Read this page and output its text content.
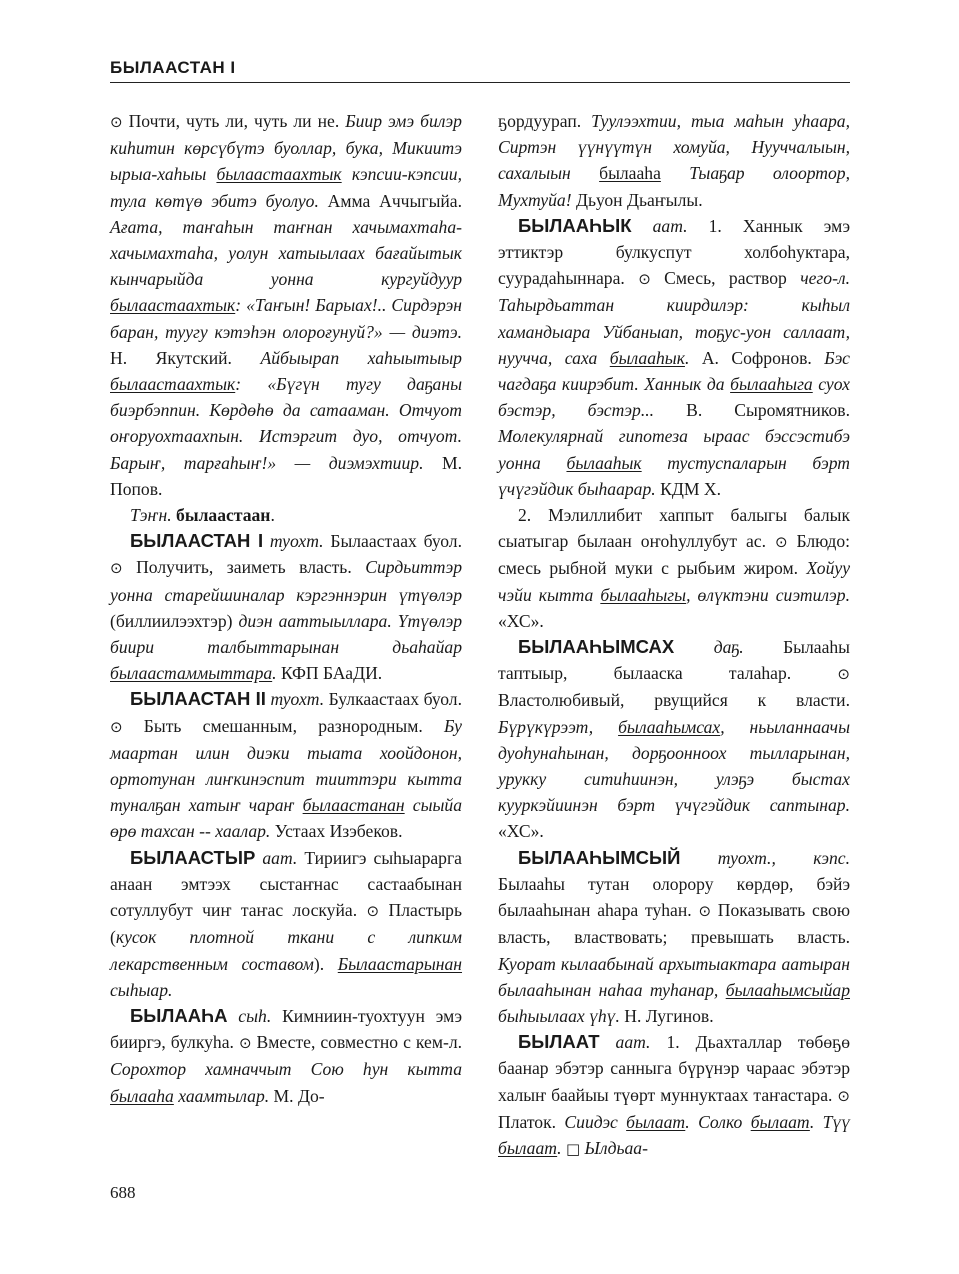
БЫЛААСТАН I

⊙ Почти, чуть ли, чуть ли не. Биир эмэ билэр киһитин көрсүбүтэ буоллар, бука, Микиитэ ырыа-хаһыы былаастаахтык кэпсии-кэпсии, тула көтүө эбитэ буолуо. Амма Аччыгыйа. Ағата, таҥаһын таҥнан хачымахтаһа-хачымахтаһа, уолун хатыылаах бағайытык кынчарыйда уонна кургуйдуур былаастаахтык: «Таҥын! Барыах!.. Сирдэрэн баран, туугу кэтэһэн олороғунуй?» — диэтэ. Н. Якутский. Айбыырап хаһыытыыр былаастаахтык: «Бүгүн тугу даҕаны биэрбэппин. Көрдөһө да сатааман. Отчуот оҥоруохтаахпын. Истэргит дуо, отчуот. Барыҥ, тарғаһыҥ!» — диэмэхтиир. М. Попов.

Тэҥн. былаастаан.

БЫЛААСТАН I туохт. Былаастаах буол. ⊙ Получить, заиметь власть. Сирдьиттэр уонна старейшиналар кэргэннэрин үтүөлэр (биллиилээхтэр) диэн ааттыыллара. Үтүөлэр биири талбыттарынан дьаһайар былаастаммыттара. КФП БАаДИ.

БЫЛААСТАН II туохт. Булкаастаах буол. ⊙ Быть смешанным, разнородным. Бу маартан илин диэки тыата хоойдонон, ортотунан лиҥкинэспит тииттэри кытта туналҕан хатыҥ чараҥ былаастанан сыыйа өрө тахсан -- хаалар. Устаах Изэбеков.

БЫЛААСТЫР аат. Тириигэ сыһыарарга анаан эмтээх сыстаҥнас састаабынан сотуллубут чиҥ таҥас лоскуйа. ⊙ Пластырь (кусок плотной ткани с липким лекарственным составом). Былаастарынан сыһыар.

БЫЛААҺА сыһ. Кимниин-туохтуун эмэ бииргэ, булкуһа. ⊙ Вместе, совместно с кем-л. Сорохтор хамначчыт Сою һун кытта былааһа хаамтылар. М. До-

ҕордуурап. Туулээхтии, тыа маһын уһаара, Сиртэн үүнүүтүн хомуйа, Нууччалыын, сахалыын былааһа Тыаҕар олоортор, Мухтуйа! Дьуон Дьаҥылы.

БЫЛААҺЫК аат. 1. Ханнык эмэ эттиктэр булкуспут холбоһуктара, суурадаһыннара. ⊙ Смесь, раствор чего-л. Таһырдьаттан киирдилэр: кыһыл хамандыара Уйбаныап, тоҕус-уон саллаат, нуучча, саха былааһык. А. Софронов. Бэс чагдаҕа киирэбит. Ханнык да былааһыга суох бэстэр, бэстэр... В. Сыромятников. Молекулярнай гипотеза ыраас бэссэстибэ уонна былааһык тустуспаларын бэрт үчүгэйдик быһаарар. КДМ Х.

2. Мэлиллибит хаппыт балыгы балык сыатыгар былаан оҥоһуллубут ас. ⊙ Блюдо: смесь рыбной муки с рыбьим жиром. Хойуу чэйи кытта былааһыгы, өлүктэни сиэтилэр. «ХС».

БЫЛААҺЫМСАХ даҕ. Былааһы таптыыр, былааска талаһар. ⊙ Властолюбивый, рвущийся к власти. Бүрүкүрээт, былааһымсах, ньыланнаачы дуоһунаһынан, дорҕоонноох тылларынан, урукку ситиһиинэн, улэҕэ быстах кууркэйиинэн бэрт үчүгэйдик саптынар. «ХС».

БЫЛААҺЫМСЫЙ туохт., кэпс. Былааһы тутан олорору көрдөр, бэйэ былааһынан аһара туһан. ⊙ Показывать свою власть, властвовать; превышать власть. Куорат кылаабынай архытыактара аатыран былааһынан наһаа туһанар, былааһымсыйар быһыылаах үһү. Н. Лугинов.

БЫЛААТ аат. 1. Дьахталлар төбөҕө баанар эбэтэр санныга бүрүнэр чараас эбэтэр халыҥ баайыы түөрт муннуктаах таҥастара. ⊙ Платок. Сиидэс былаат. Солко былаат. Түү былаат. □ Ылдьаа-

688
